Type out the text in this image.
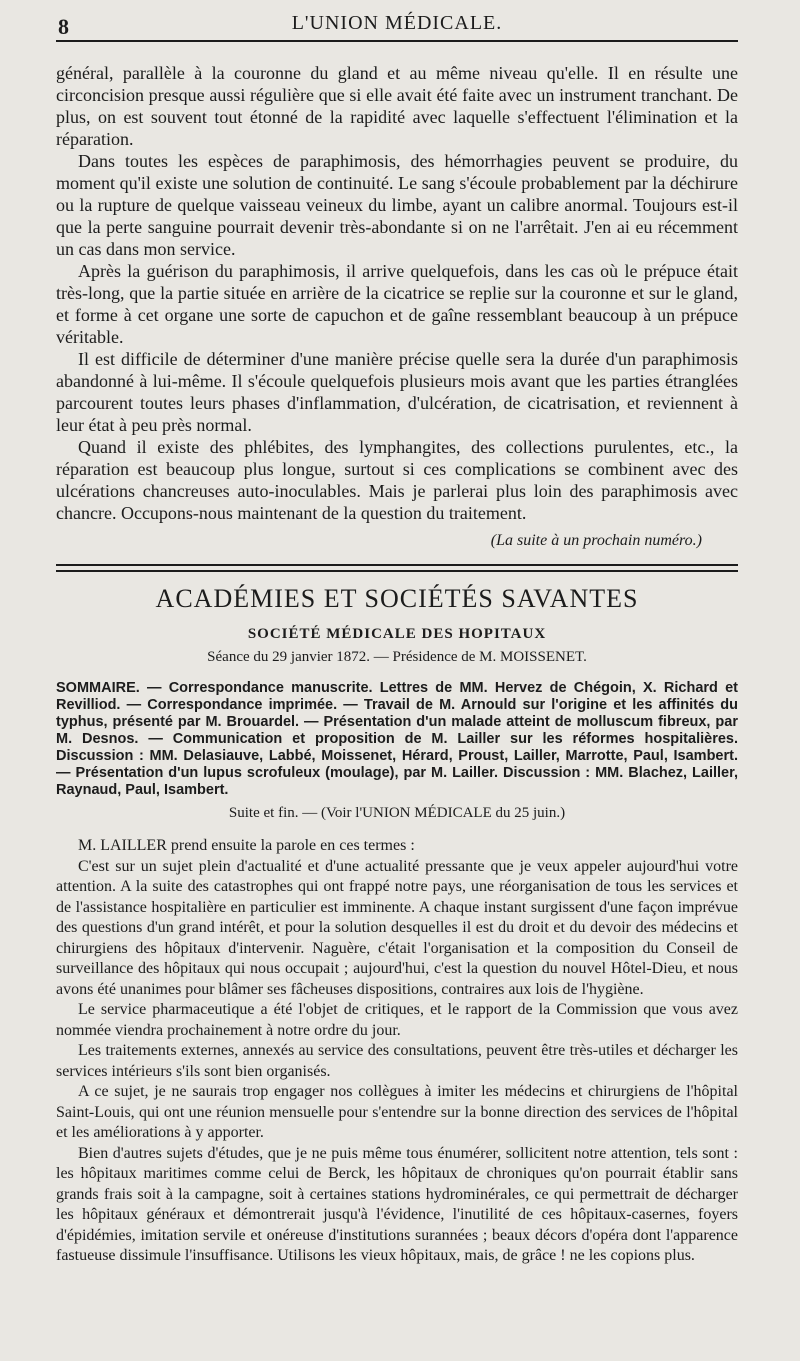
8	L'UNION MÉDICALE.

général, parallèle à la couronne du gland et au même niveau qu'elle. Il en résulte une circoncision presque aussi régulière que si elle avait été faite avec un instrument tranchant. De plus, on est souvent tout étonné de la rapidité avec laquelle s'effectuent l'élimination et la réparation.

Dans toutes les espèces de paraphimosis, des hémorrhagies peuvent se produire, du moment qu'il existe une solution de continuité. Le sang s'écoule probablement par la déchirure ou la rupture de quelque vaisseau veineux du limbe, ayant un calibre anormal. Toujours est-il que la perte sanguine pourrait devenir très-abondante si on ne l'arrêtait. J'en ai eu récemment un cas dans mon service.

Après la guérison du paraphimosis, il arrive quelquefois, dans les cas où le prépuce était très-long, que la partie située en arrière de la cicatrice se replie sur la couronne et sur le gland, et forme à cet organe une sorte de capuchon et de gaîne ressemblant beaucoup à un prépuce véritable.

Il est difficile de déterminer d'une manière précise quelle sera la durée d'un paraphimosis abandonné à lui-même. Il s'écoule quelquefois plusieurs mois avant que les parties étranglées parcourent toutes leurs phases d'inflammation, d'ulcération, de cicatrisation, et reviennent à leur état à peu près normal.

Quand il existe des phlébites, des lymphangites, des collections purulentes, etc., la réparation est beaucoup plus longue, surtout si ces complications se combinent avec des ulcérations chancreuses auto-inoculables. Mais je parlerai plus loin des paraphimosis avec chancre. Occupons-nous maintenant de la question du traitement.

(La suite à un prochain numéro.)
ACADÉMIES ET SOCIÉTÉS SAVANTES
SOCIÉTÉ MÉDICALE DES HOPITAUX
Séance du 29 janvier 1872. — Présidence de M. MOISSENET.

SOMMAIRE. — Correspondance manuscrite. Lettres de MM. Hervez de Chégoin, X. Richard et Revilliod. — Correspondance imprimée. — Travail de M. Arnould sur l'origine et les affinités du typhus, présenté par M. Brouardel. — Présentation d'un malade atteint de molluscum fibreux, par M. Desnos. — Communication et proposition de M. Lailler sur les réformes hospitalières. Discussion : MM. Delasiauve, Labbé, Moissenet, Hérard, Proust, Lailler, Marrotte, Paul, Isambert. — Présentation d'un lupus scrofuleux (moulage), par M. Lailler. Discussion : MM. Blachez, Lailler, Raynaud, Paul, Isambert.

Suite et fin. — (Voir l'UNION MÉDICALE du 25 juin.)

M. LAILLER prend ensuite la parole en ces termes :

C'est sur un sujet plein d'actualité et d'une actualité pressante que je veux appeler aujourd'hui votre attention. A la suite des catastrophes qui ont frappé notre pays, une réorganisation de tous les services et de l'assistance hospitalière en particulier est imminente. A chaque instant surgissent d'une façon imprévue des questions d'un grand intérêt, et pour la solution desquelles il est du droit et du devoir des médecins et chirurgiens des hôpitaux d'intervenir. Naguère, c'était l'organisation et la composition du Conseil de surveillance des hôpitaux qui nous occupait ; aujourd'hui, c'est la question du nouvel Hôtel-Dieu, et nous avons été unanimes pour blâmer ses fâcheuses dispositions, contraires aux lois de l'hygiène.

Le service pharmaceutique a été l'objet de critiques, et le rapport de la Commission que vous avez nommée viendra prochainement à notre ordre du jour.

Les traitements externes, annexés au service des consultations, peuvent être très-utiles et décharger les services intérieurs s'ils sont bien organisés.

A ce sujet, je ne saurais trop engager nos collègues à imiter les médecins et chirurgiens de l'hôpital Saint-Louis, qui ont une réunion mensuelle pour s'entendre sur la bonne direction des services de l'hôpital et les améliorations à y apporter.

Bien d'autres sujets d'études, que je ne puis même tous énumérer, sollicitent notre attention, tels sont : les hôpitaux maritimes comme celui de Berck, les hôpitaux de chroniques qu'on pourrait établir sans grands frais soit à la campagne, soit à certaines stations hydrominérales, ce qui permettrait de décharger les hôpitaux généraux et démontrerait jusqu'à l'évidence, l'inutilité de ces hôpitaux-casernes, foyers d'épidémies, imitation servile et onéreuse d'institutions surannées ; beaux décors d'opéra dont l'apparence fastueuse dissimule l'insuffisance. Utilisons les vieux hôpitaux, mais, de grâce ! ne les copions plus.
